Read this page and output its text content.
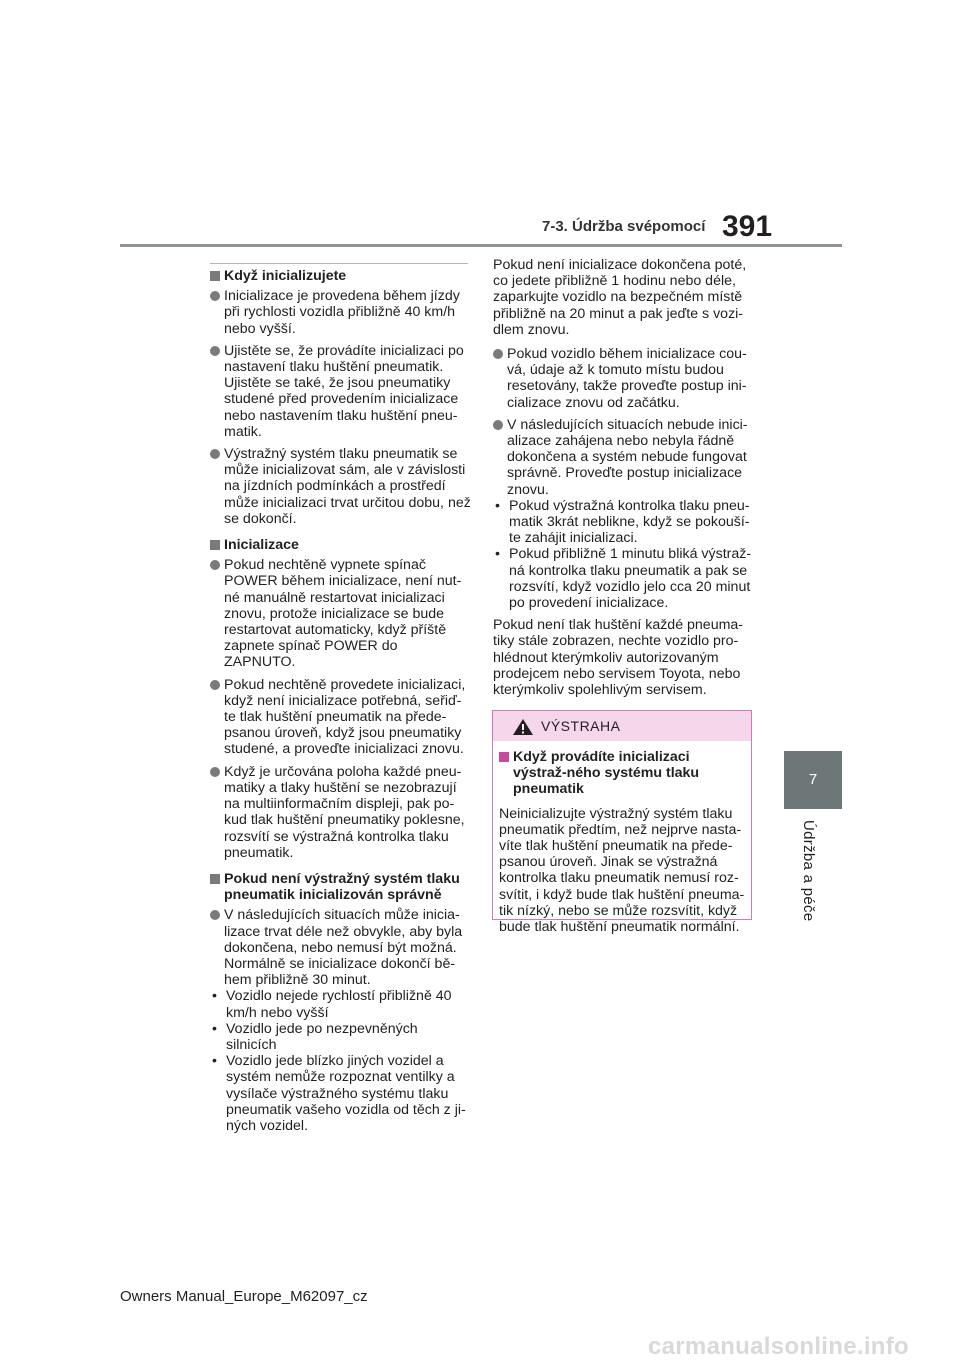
7-3. Údržba svépomocí 391
7
Údržba a péče
Když inicializujete
Inicializace je provedena během jízdy při rychlosti vozidla přibližně 40 km/h nebo vyšší.
Ujistěte se, že provádíte inicializaci po nastavení tlaku huštění pneumatik. Ujistěte se také, že jsou pneumatiky studené před provedením inicializace nebo nastavením tlaku huštění pneu-matik.
Výstražný systém tlaku pneumatik se může inicializovat sám, ale v závislosti na jízdních podmínkách a prostředí může inicializaci trvat určitou dobu, než se dokončí.
Inicializace
Pokud nechtěně vypnete spínač POWER během inicializace, není nut-né manuálně restartovat inicializaci znovu, protože inicializace se bude restartovat automaticky, když příště zapnete spínač POWER do ZAPNUTO.
Pokud nechtěně provedete inicializaci, když není inicializace potřebná, seřiď-te tlak huštění pneumatik na přede-psanou úroveň, když jsou pneumatiky studené, a proveďte inicializaci znovu.
Když je určována poloha každé pneu-matiky a tlaky huštění se nezobrazují na multiinformačním displeji, pak po-kud tlak huštění pneumatiky poklesne, rozsvítí se výstražná kontrolka tlaku pneumatik.
Pokud není výstražný systém tlaku pneumatik inicializován správně
V následujících situacích může inicia-lizace trvat déle než obvykle, aby byla dokončena, nebo nemusí být možná. Normálně se inicializace dokončí bě-hem přibližně 30 minut.
• Vozidlo nejede rychlostí přibližně 40 km/h nebo vyšší
• Vozidlo jede po nezpevněných silnicích
• Vozidlo jede blízko jiných vozidel a systém nemůže rozpoznat ventilky a vysílače výstražného systému tlaku pneumatik vašeho vozidla od těch z ji-ných vozidel.
Pokud není inicializace dokončena poté, co jedete přibližně 1 hodinu nebo déle, zaparkujte vozidlo na bezpečném místě přibližně na 20 minut a pak jeďte s vozi-dlem znovu.
Pokud vozidlo během inicializace cou-vá, údaje až k tomuto místu budou resetovány, takže proveďte postup ini-cializace znovu od začátku.
V následujících situacích nebude inici-alizace zahájena nebo nebyla řádně dokončena a systém nebude fungovat správně. Proveďte postup inicializace znovu.
• Pokud výstražná kontrolka tlaku pneu-matik 3krát neblikne, když se pokouší-te zahájit inicializaci.
• Pokud přibližně 1 minutu bliká výstraž-ná kontrolka tlaku pneumatik a pak se rozsvítí, když vozidlo jelo cca 20 minut po provedení inicializace.
Pokud není tlak huštění každé pneuma-tiky stále zobrazen, nechte vozidlo pro-hlédnout kterýmkoliv autorizovaným prodejcem nebo servisem Toyota, nebo kterýmkoliv spolehlivým servisem.
VÝSTRAHA
Když provádíte inicializaci výstraž-ného systému tlaku pneumatik
Neinicializujte výstražný systém tlaku pneumatik předtím, než nejprve nasta-víte tlak huštění pneumatik na přede-psanou úroveň. Jinak se výstražná kontrolka tlaku pneumatik nemusí roz-svítit, i když bude tlak huštění pneuma-tik nízký, nebo se může rozsvítit, když bude tlak huštění pneumatik normální.
Owners Manual_Europe_M62097_cz
carmanualsonline.info
